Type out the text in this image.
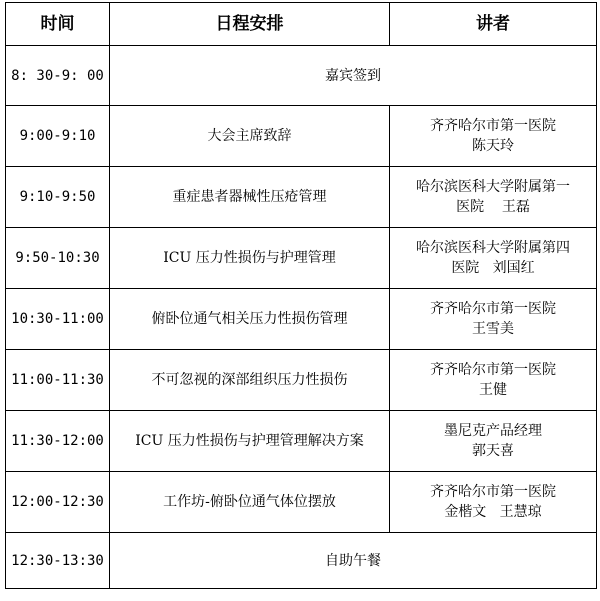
时间	日程安排	讲者
8: 30-9: 00	嘉宾签到	
9:00-9:10	大会主席致辞	齐齐哈尔市第一医院
陈天玲

9:10-9:50	重症患者器械性压疮管理	哈尔滨医科大学附属第一
医院    王磊

9:50-10:30	ICU 压力性损伤与护理管理	哈尔滨医科大学附属第四
医院   刘国红

10:30-11:00	俯卧位通气相关压力性损伤管理	齐齐哈尔市第一医院
王雪美

11:00-11:30	不可忽视的深部组织压力性损伤	齐齐哈尔市第一医院
王健

11:30-12:00	ICU 压力性损伤与护理管理解决方案	墨尼克产品经理
郭天喜

12:00-12:30	工作坊-俯卧位通气体位摆放	齐齐哈尔市第一医院
金楷文   王慧琼

12:30-13:30	自助午餐	
